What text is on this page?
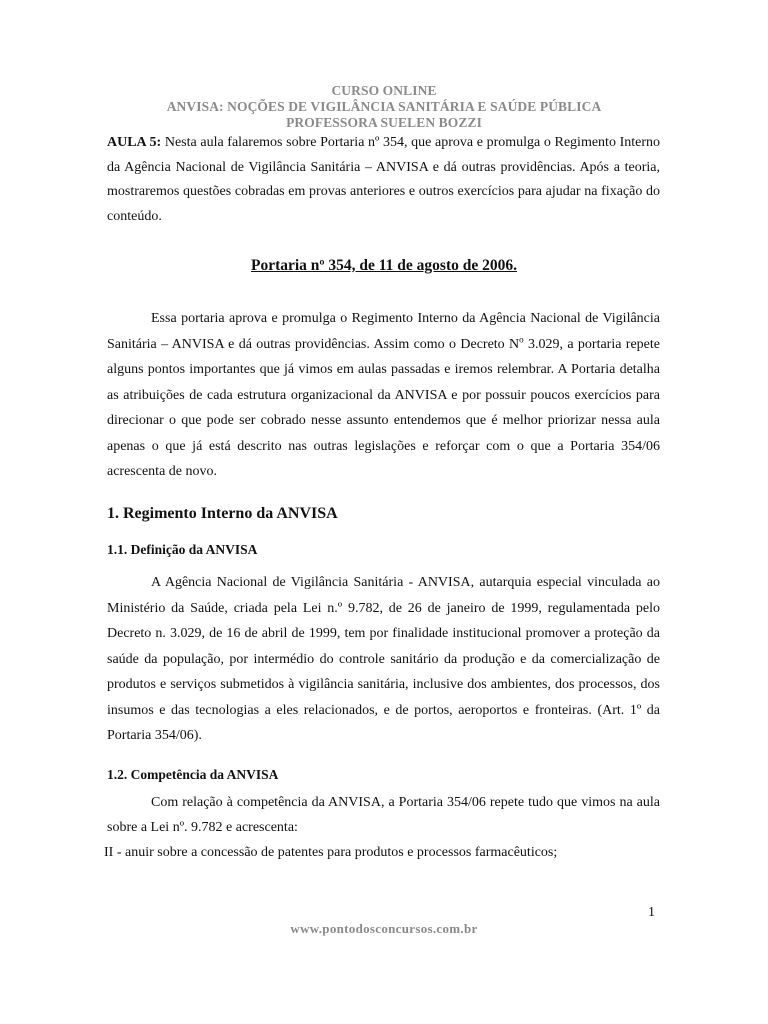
CURSO ONLINE
ANVISA: NOÇÕES DE VIGILÂNCIA SANITÁRIA E SAÚDE PÚBLICA
PROFESSORA SUELEN BOZZI

AULA 5: Nesta aula falaremos sobre Portaria nº 354, que aprova e promulga o Regimento Interno da Agência Nacional de Vigilância Sanitária – ANVISA e dá outras providências. Após a teoria, mostraremos questões cobradas em provas anteriores e outros exercícios para ajudar na fixação do conteúdo.

Portaria nº 354, de 11 de agosto de 2006.

Essa portaria aprova e promulga o Regimento Interno da Agência Nacional de Vigilância Sanitária – ANVISA e dá outras providências. Assim como o Decreto $N^o$ 3.029, a portaria repete alguns pontos importantes que já vimos em aulas passadas e iremos relembrar. A Portaria detalha as atribuições de cada estrutura organizacional da ANVISA e por possuir poucos exercícios para direcionar o que pode ser cobrado nesse assunto entendemos que é melhor priorizar nessa aula apenas o que já está descrito nas outras legislações e reforçar com o que a Portaria 354/06 acrescenta de novo.

1. Regimento Interno da ANVISA
1.1. Definição da ANVISA

A Agência Nacional de Vigilância Sanitária - ANVISA, autarquia especial vinculada ao Ministério da Saúde, criada pela Lei n.º 9.782, de 26 de janeiro de 1999, regulamentada pelo Decreto n. 3.029, de 16 de abril de 1999, tem por finalidade institucional promover a proteção da saúde da população, por intermédio do controle sanitário da produção e da comercialização de produtos e serviços submetidos à vigilância sanitária, inclusive dos ambientes, dos processos, dos insumos e das tecnologias a eles relacionados, e de portos, aeroportos e fronteiras. (Art. 1º da Portaria 354/06).

1.2. Competência da ANVISA

Com relação à competência da ANVISA, a Portaria 354/06 repete tudo que vimos na aula sobre a Lei nº. 9.782 e acrescenta:

II - anuir sobre a concessão de patentes para produtos e processos farmacêuticos;

1
www.pontodosconcursos.com.br
